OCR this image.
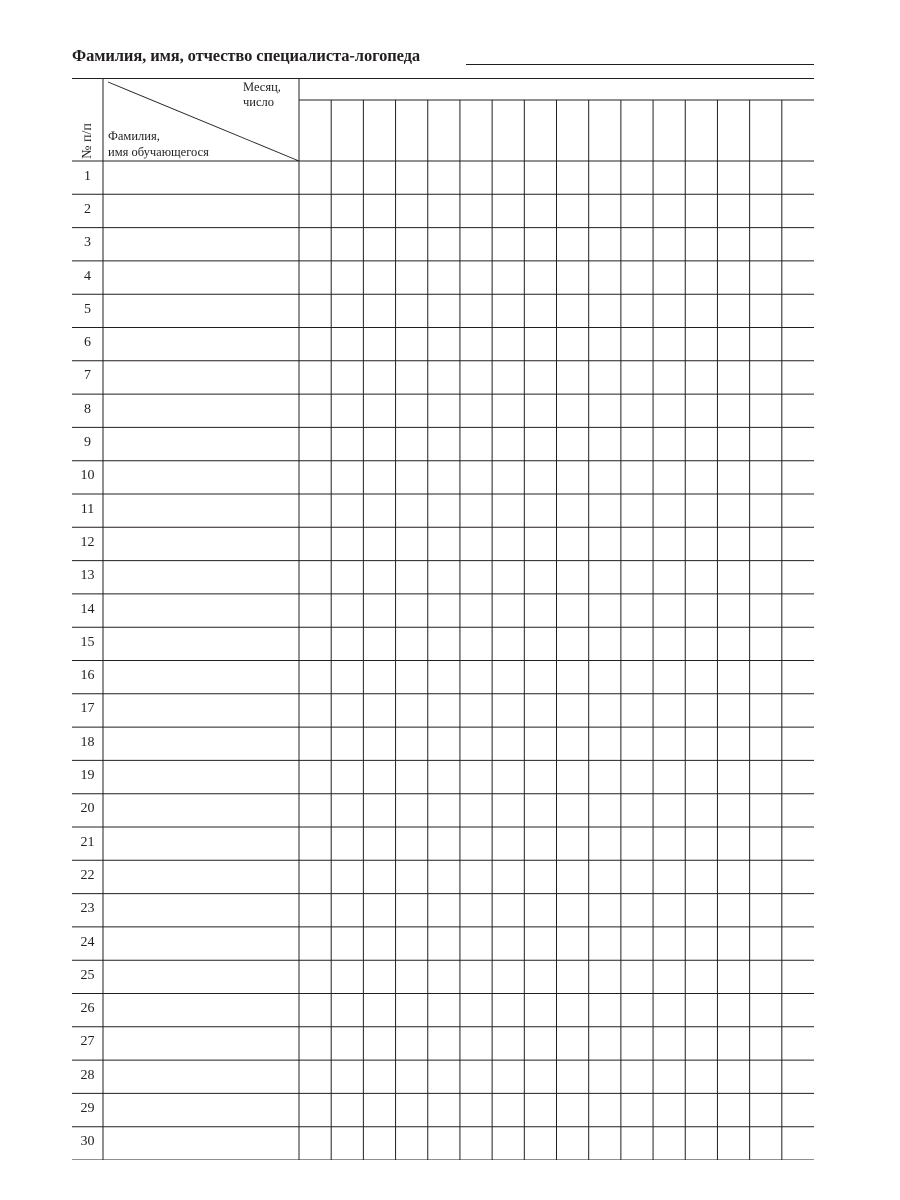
Фамилия, имя, отчество специалиста-логопеда
№ п/п
Месяц,
число
Фамилия,
имя обучающегося
1
2
3
4
5
6
7
8
9
10
11
12
13
14
15
16
17
18
19
20
21
22
23
24
25
26
27
28
29
30
